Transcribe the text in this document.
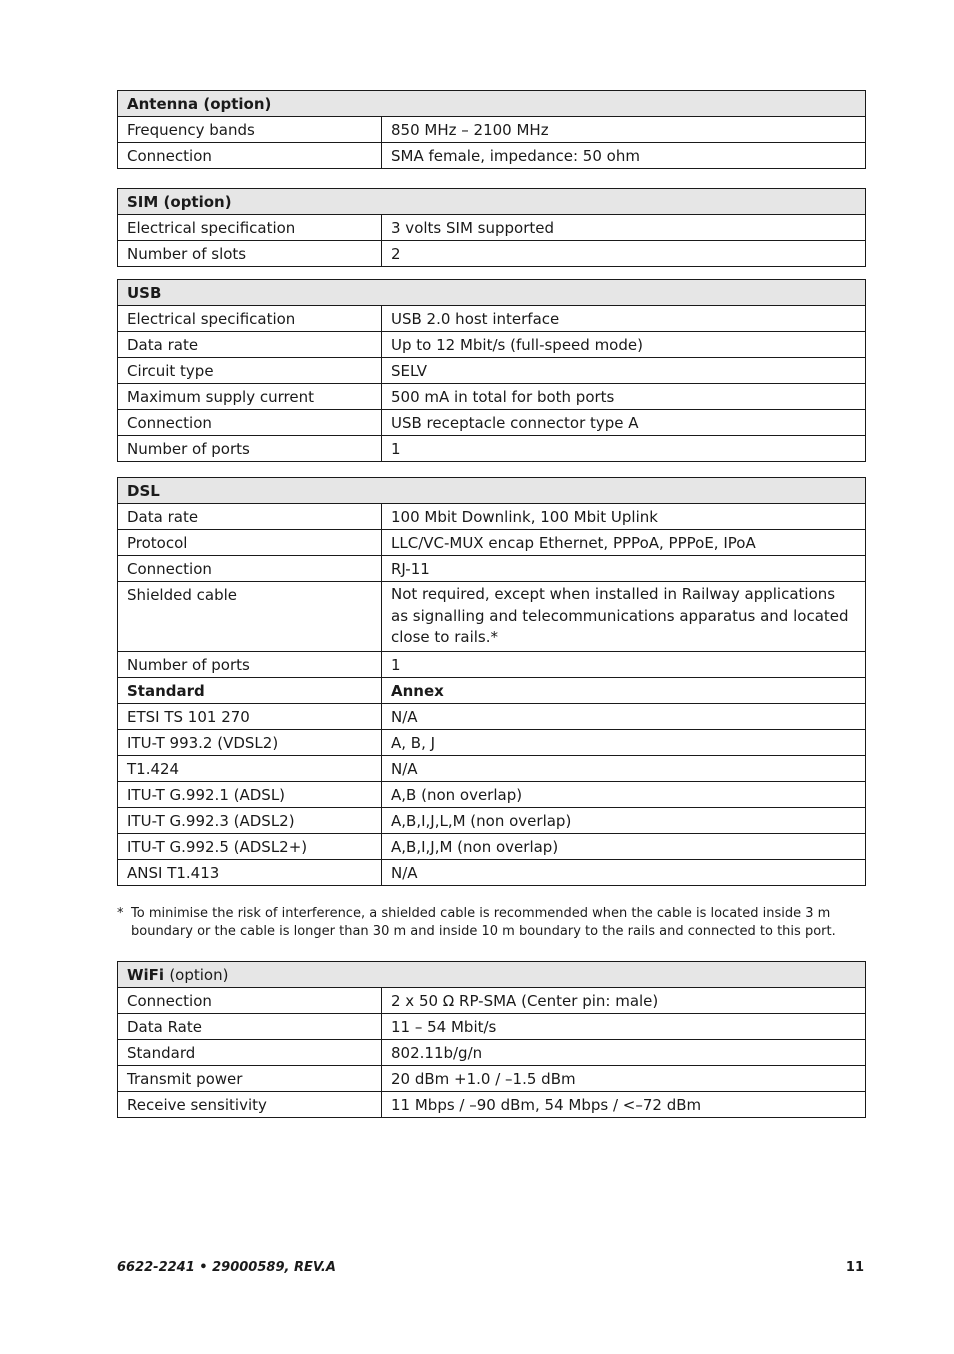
Antenna (option)	
Frequency bands	850 MHz – 2100 MHz
Connection	SMA female, impedance: 50 ohm
SIM (option)	
Electrical specification	3 volts SIM supported
Number of slots	2
USB	
Electrical specification	USB 2.0 host interface
Data rate	Up to 12 Mbit/s (full-speed mode)
Circuit type	SELV
Maximum supply current	500 mA in total for both ports
Connection	USB receptacle connector type A
Number of ports	1
DSL	
Data rate	100 Mbit Downlink, 100 Mbit Uplink
Protocol	LLC/VC-MUX encap Ethernet, PPPoA, PPPoE, IPoA
Connection	RJ-11
Shielded cable	Not required, except when installed in Railway applications as signalling and telecommunications apparatus and located close to rails.*
Number of ports	1
Standard	Annex
ETSI TS 101 270	N/A
ITU-T 993.2 (VDSL2)	A, B, J
T1.424	N/A
ITU-T G.992.1 (ADSL)	A,B (non overlap)
ITU-T G.992.3 (ADSL2)	A,B,I,J,L,M (non overlap)
ITU-T G.992.5 (ADSL2+)	A,B,I,J,M (non overlap)
ANSI T1.413	N/A
* To minimise the risk of interference, a shielded cable is recommended when the cable is located inside 3 m boundary or the cable is longer than 30 m and inside 10 m boundary to the rails and connected to this port.
WiFi (option)	
Connection	2 x 50 Ω RP-SMA (Center pin: male)
Data Rate	11 – 54 Mbit/s
Standard	802.11b/g/n
Transmit power	20 dBm +1.0 / –1.5 dBm
Receive sensitivity	11 Mbps / –90 dBm, 54 Mbps / <–72 dBm
6622-2241 • 29000589, REV.A	11
